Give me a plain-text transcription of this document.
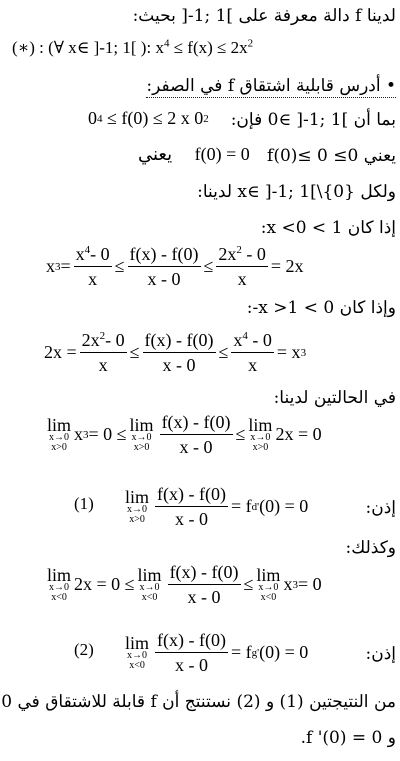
لدينا f دالة معرفة على ]1 ;1-[ بحيث:
(∗) : (∀ x∈ ]-1; 1[ ): $x^4 \le f(x) \le 2x^2$
• أدرس قابلية اشتقاق f في الصفر:
بما أن ]1 ;1-[ ∋0 فإن:
0 4 ≤ f(0) ≤ 2 x 0 2
يعني 0≥ f(0)≤ 0
يعني f(0) = 0
ولكل x∈ ]-1; 1[\{0} لدينا:
إذا كان 1 > x <0:
x $3 = \frac{x^4- 0}{x} \le \frac{f(x) - f(0)}{x - 0} \le \frac{2x^2 - 0}{x} = 2x$
وإذا كان 0 > x >1-:
$2x = \frac{2x^2- 0}{x} \le \frac{f(x) - f(0)}{x - 0} \le \frac{x^4 - 0}{x} = x$ 3
في الحالتين لدينا:
lim
x→0
x>0
x 3 = 0 ≤ lim
x→0
$x>0 \frac{f(x) - f(0)}{x - 0} \le \lim$
x→0
x>0
2x = 0
(1) lim
x→0
$x>0 \frac{f(x) - f(0)}{x - 0} = f$ d ' (0) = 0	إذن:
وكذلك:
lim
x→0
x<0
2x = 0 ≤ lim
x→0
$x<0 \frac{f(x) - f(0)}{x - 0} \le \lim$
x→0
x<0
x 3 = 0
(2) lim
x→0
$x<0 \frac{f(x) - f(0)}{x - 0} = f$ g ' (0) = 0	إذن:
من النتيجتين (1) و (2) نستنتج أن f قابلة للاشتقاق في 0
و f '(0) = 0.
